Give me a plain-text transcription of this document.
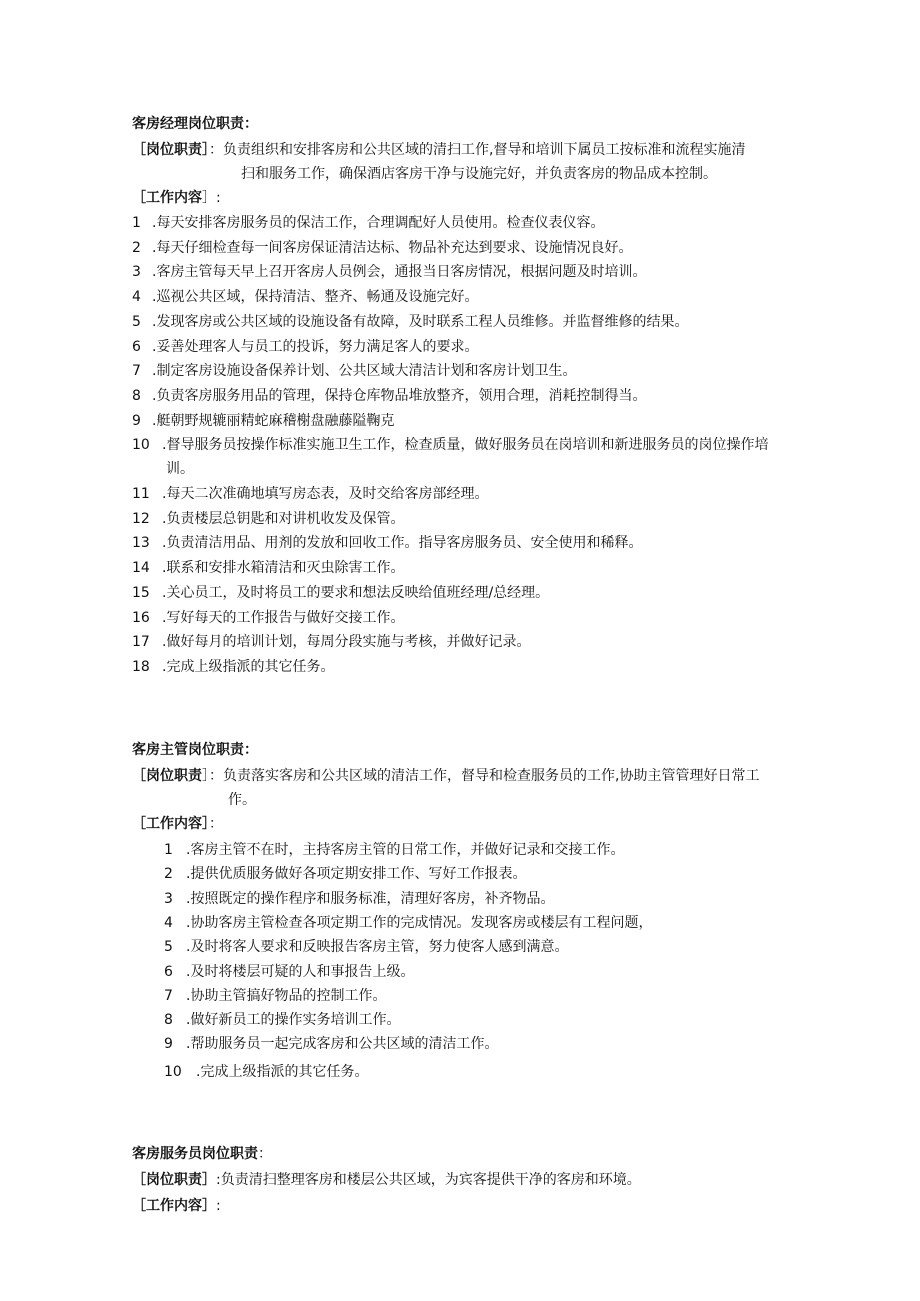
客房经理岗位职责：
［岗位职责］：负责组织和安排客房和公共区域的清扫工作,督导和培训下属员工按标准和流程实施清
扫和服务工作，确保酒店客房干净与设施完好，并负责客房的物品成本控制。
［工作内容］:
1 .每天安排客房服务员的保洁工作，合理调配好人员使用。检查仪表仪容。
2 .每天仔细检查每一间客房保证清洁达标、物品补充达到要求、设施情况良好。
3 .客房主管每天早上召开客房人员例会，通报当日客房情况，根据问题及时培训。
4 .巡视公共区域，保持清洁、整齐、畅通及设施完好。
5 .发现客房或公共区域的设施设备有故障，及时联系工程人员维修。并监督维修的结果。
6 .妥善处理客人与员工的投诉，努力满足客人的要求。
7 .制定客房设施设备保养计划、公共区域大清洁计划和客房计划卫生。
8 .负责客房服务用品的管理，保持仓库物品堆放整齐，领用合理，消耗控制得当。
9 .艇朝野规辘丽精蛇麻稽榭盘融藤隘鞠克
10 .督导服务员按操作标准实施卫生工作，检查质量，做好服务员在岗培训和新进服务员的岗位操作培
训。
11 .每天二次准确地填写房态表，及时交给客房部经理。
12 .负责楼层总钥匙和对讲机收发及保管。
13 .负责清洁用品、用剂的发放和回收工作。指导客房服务员、安全使用和稀释。
14 .联系和安排水箱清洁和灭虫除害工作。
15 .关心员工，及时将员工的要求和想法反映给值班经理/总经理。
16 .写好每天的工作报告与做好交接工作。
17 .做好每月的培训计划，每周分段实施与考核，并做好记录。
18 .完成上级指派的其它任务。
客房主管岗位职责：
［岗位职责］：负责落实客房和公共区域的清洁工作，督导和检查服务员的工作,协助主管管理好日常工
作。
［工作内容］：
1 .客房主管不在时，主持客房主管的日常工作，并做好记录和交接工作。
2 .提供优质服务做好各项定期安排工作、写好工作报表。
3 .按照既定的操作程序和服务标准，清理好客房，补齐物品。
4 .协助客房主管检查各项定期工作的完成情况。发现客房或楼层有工程问题，
5 .及时将客人要求和反映报告客房主管，努力使客人感到满意。
6 .及时将楼层可疑的人和事报告上级。
7 .协助主管搞好物品的控制工作。
8 .做好新员工的操作实务培训工作。
9 .帮助服务员一起完成客房和公共区域的清洁工作。
10 .完成上级指派的其它任务。
客房服务员岗位职责：
［岗位职责］:负责清扫整理客房和楼层公共区域，为宾客提供干净的客房和环境。
［工作内容］:
